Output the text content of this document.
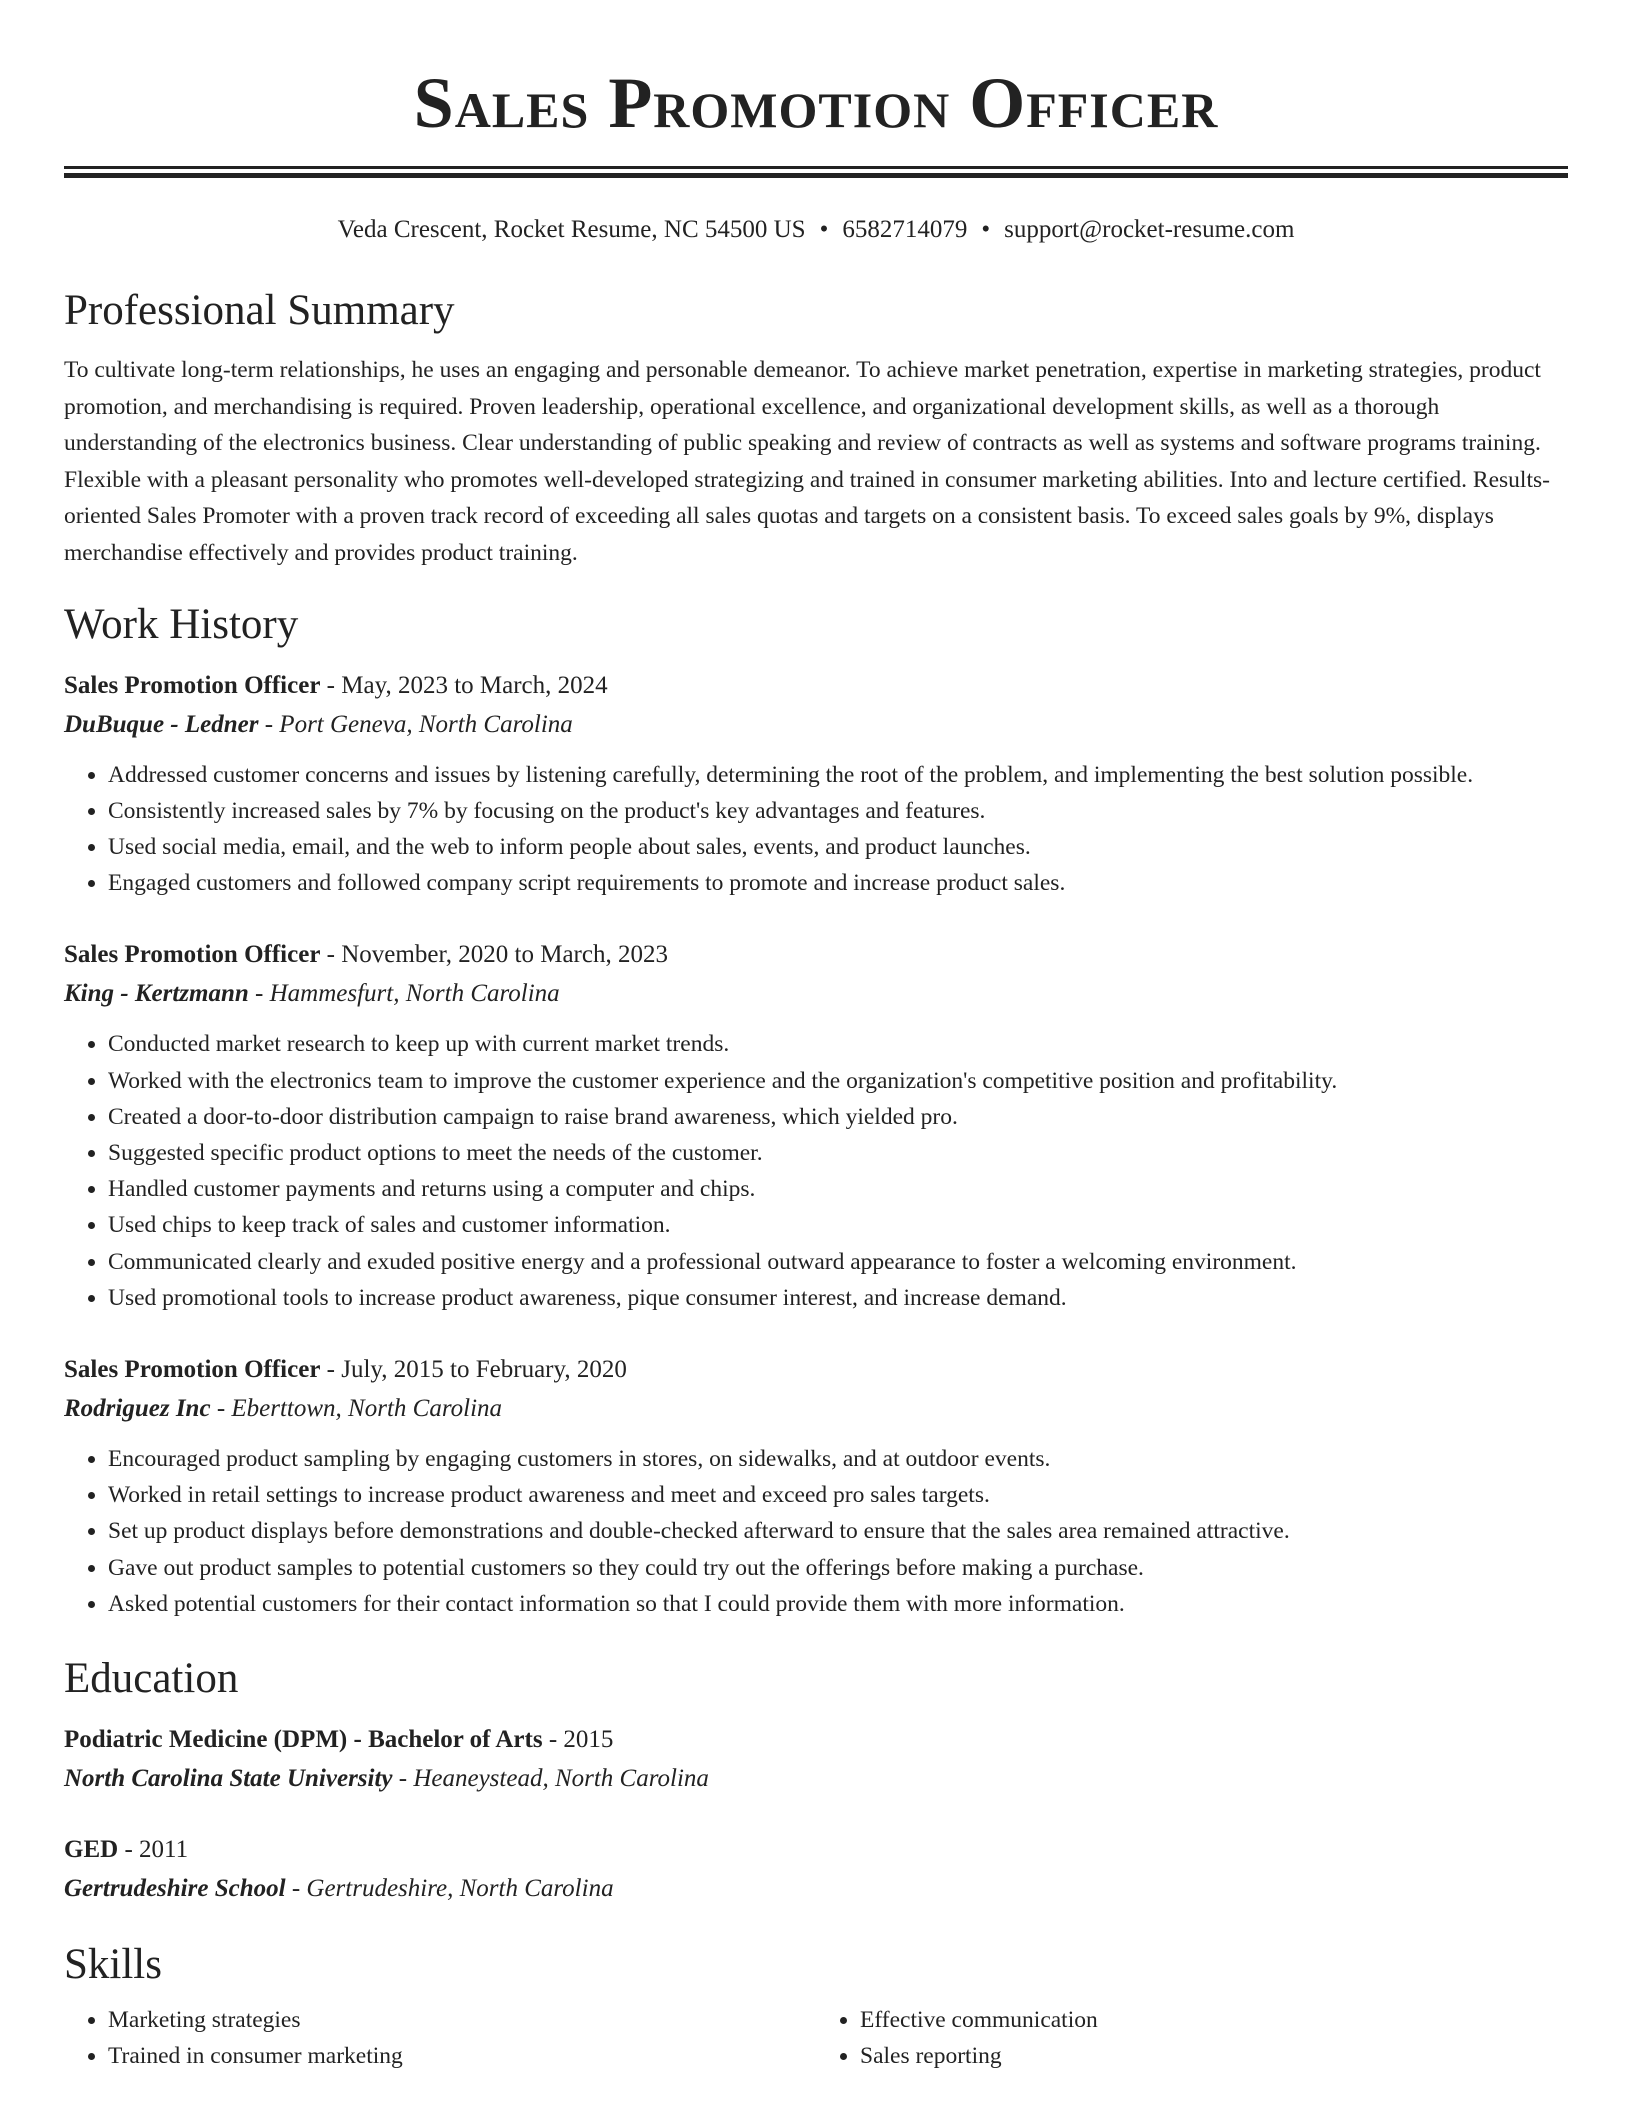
Sales Promotion Officer
Veda Crescent, Rocket Resume, NC 54500 US • 6582714079 • support@rocket-resume.com
Professional Summary

To cultivate long-term relationships, he uses an engaging and personable demeanor. To achieve market penetration, expertise in marketing strategies, product promotion, and merchandising is required. Proven leadership, operational excellence, and organizational development skills, as well as a thorough understanding of the electronics business. Clear understanding of public speaking and review of contracts as well as systems and software programs training. Flexible with a pleasant personality who promotes well-developed strategizing and trained in consumer marketing abilities. Into and lecture certified. Results-oriented Sales Promoter with a proven track record of exceeding all sales quotas and targets on a consistent basis. To exceed sales goals by 9%, displays merchandise effectively and provides product training.

Work History
Sales Promotion Officer - May, 2023 to March, 2024
DuBuque - Ledner - Port Geneva, North Carolina
• Addressed customer concerns and issues by listening carefully, determining the root of the problem, and implementing the best solution possible.
• Consistently increased sales by 7% by focusing on the product's key advantages and features.
• Used social media, email, and the web to inform people about sales, events, and product launches.
• Engaged customers and followed company script requirements to promote and increase product sales.
Sales Promotion Officer - November, 2020 to March, 2023
King - Kertzmann - Hammesfurt, North Carolina
• Conducted market research to keep up with current market trends.
• Worked with the electronics team to improve the customer experience and the organization's competitive position and profitability.
• Created a door-to-door distribution campaign to raise brand awareness, which yielded pro.
• Suggested specific product options to meet the needs of the customer.
• Handled customer payments and returns using a computer and chips.
• Used chips to keep track of sales and customer information.
• Communicated clearly and exuded positive energy and a professional outward appearance to foster a welcoming environment.
• Used promotional tools to increase product awareness, pique consumer interest, and increase demand.
Sales Promotion Officer - July, 2015 to February, 2020
Rodriguez Inc - Eberttown, North Carolina
• Encouraged product sampling by engaging customers in stores, on sidewalks, and at outdoor events.
• Worked in retail settings to increase product awareness and meet and exceed pro sales targets.
• Set up product displays before demonstrations and double-checked afterward to ensure that the sales area remained attractive.
• Gave out product samples to potential customers so they could try out the offerings before making a purchase.
• Asked potential customers for their contact information so that I could provide them with more information.
Education
Podiatric Medicine (DPM) - Bachelor of Arts - 2015
North Carolina State University - Heaneystead, North Carolina
GED - 2011
Gertrudeshire School - Gertrudeshire, North Carolina
Skills
• Marketing strategies
• Trained in consumer marketing
• Effective communication
• Sales reporting
